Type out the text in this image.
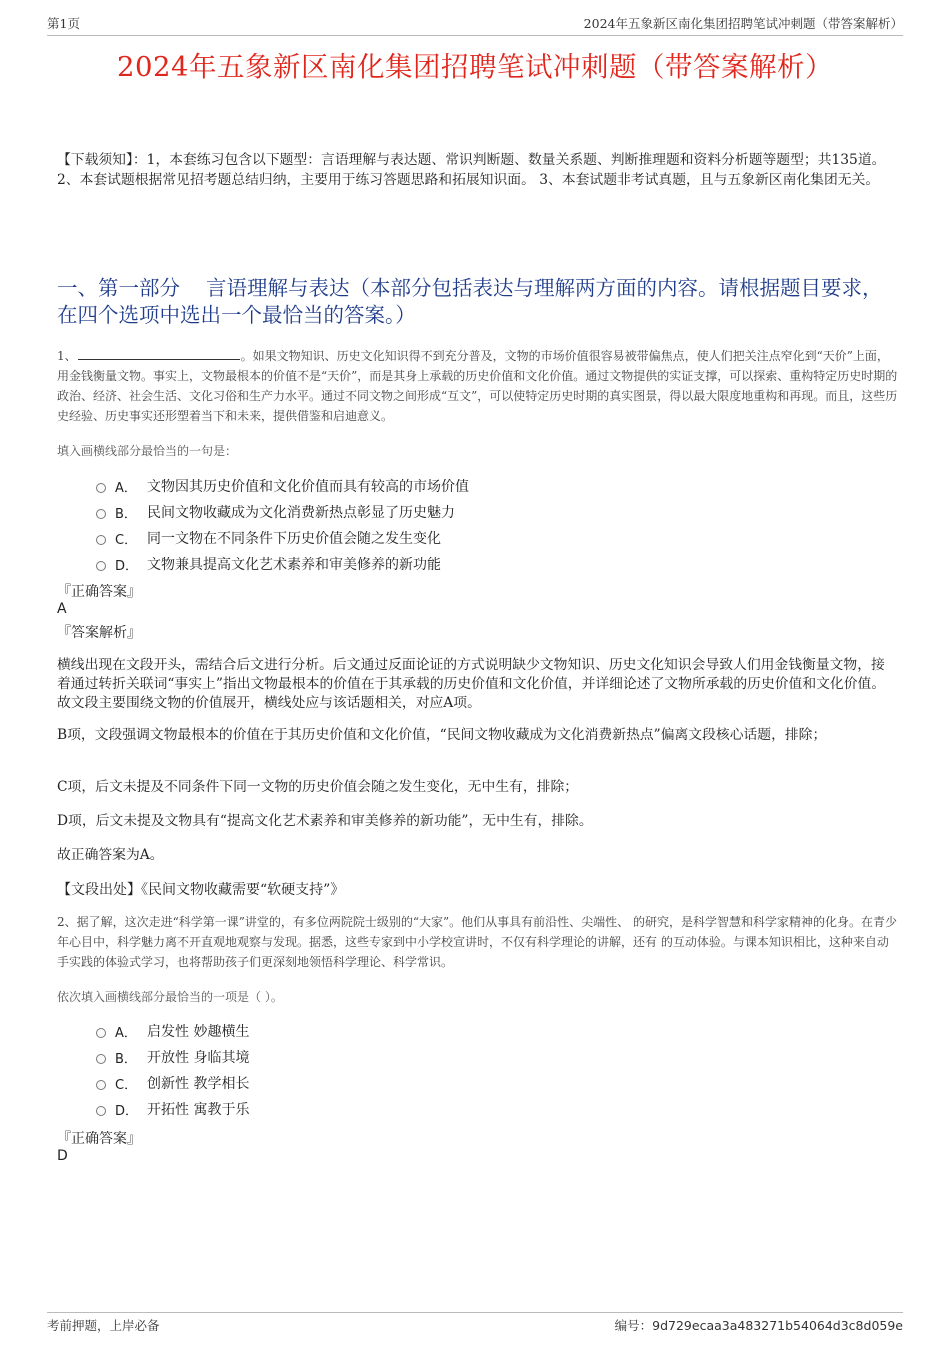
第1页	2024年五象新区南化集团招聘笔试冲刺题（带答案解析）
2024年五象新区南化集团招聘笔试冲刺题（带答案解析）
【下载须知】：1，本套练习包含以下题型：言语理解与表达题、常识判断题、数量关系题、判断推理题和资料分析题等题型；共135道。 2、本套试题根据常见招考题总结归纳，主要用于练习答题思路和拓展知识面。 3、本套试题非考试真题，且与五象新区南化集团无关。
一、第一部分 言语理解与表达（本部分包括表达与理解两方面的内容。请根据题目要求，在四个选项中选出一个最恰当的答案。）
1、	。如果文物知识、历史文化知识得不到充分普及，文物的市场价值很容易被带偏焦点，使人们把关注点窄化到“天价”上面，用金钱衡量文物。事实上，文物最根本的价值不是“天价”，而是其身上承载的历史价值和文化价值。通过文物提供的实证支撑，可以探索、重构特定历史时期的政治、经济、社会生活、文化习俗和生产力水平。通过不同文物之间形成“互文”，可以使特定历史时期的真实图景，得以最大限度地重构和再现。而且，这些历史经验、历史事实还形塑着当下和未来，提供借鉴和启迪意义。
填入画横线部分最恰当的一句是：
A． 文物因其历史价值和文化价值而具有较高的市场价值
B． 民间文物收藏成为文化消费新热点彰显了历史魅力
C． 同一文物在不同条件下历史价值会随之发生变化
D． 文物兼具提高文化艺术素养和审美修养的新功能
『正确答案』
A
『答案解析』
横线出现在文段开头，需结合后文进行分析。后文通过反面论证的方式说明缺少文物知识、历史文化知识会导致人们用金钱衡量文物，接着通过转折关联词“事实上”指出文物最根本的价值在于其承载的历史价值和文化价值，并详细论述了文物所承载的历史价值和文化价值。故文段主要围绕文物的价值展开，横线处应与该话题相关，对应A项。
B项，文段强调文物最根本的价值在于其历史价值和文化价值，“民间文物收藏成为文化消费新热点”偏离文段核心话题，排除；
C项，后文未提及不同条件下同一文物的历史价值会随之发生变化，无中生有，排除；
D项，后文未提及文物具有“提高文化艺术素养和审美修养的新功能”，无中生有，排除。
故正确答案为A。
【文段出处】《民间文物收藏需要“软硬支持”》
2、据了解，这次走进“科学第一课”讲堂的，有多位两院院士级别的“大家”。他们从事具有前沿性、尖端性、 的研究，是科学智慧和科学家精神的化身。在青少年心目中，科学魅力离不开直观地观察与发现。据悉，这些专家到中小学校宣讲时，不仅有科学理论的讲解，还有 的互动体验。与课本知识相比，这种来自动手实践的体验式学习，也将帮助孩子们更深刻地领悟科学理论、科学常识。
依次填入画横线部分最恰当的一项是（ ）。
A． 启发性 妙趣横生
B． 开放性 身临其境
C． 创新性 教学相长
D． 开拓性 寓教于乐
『正确答案』
D
考前押题，上岸必备	编号：9d729ecaa3a483271b54064d3c8d059e
